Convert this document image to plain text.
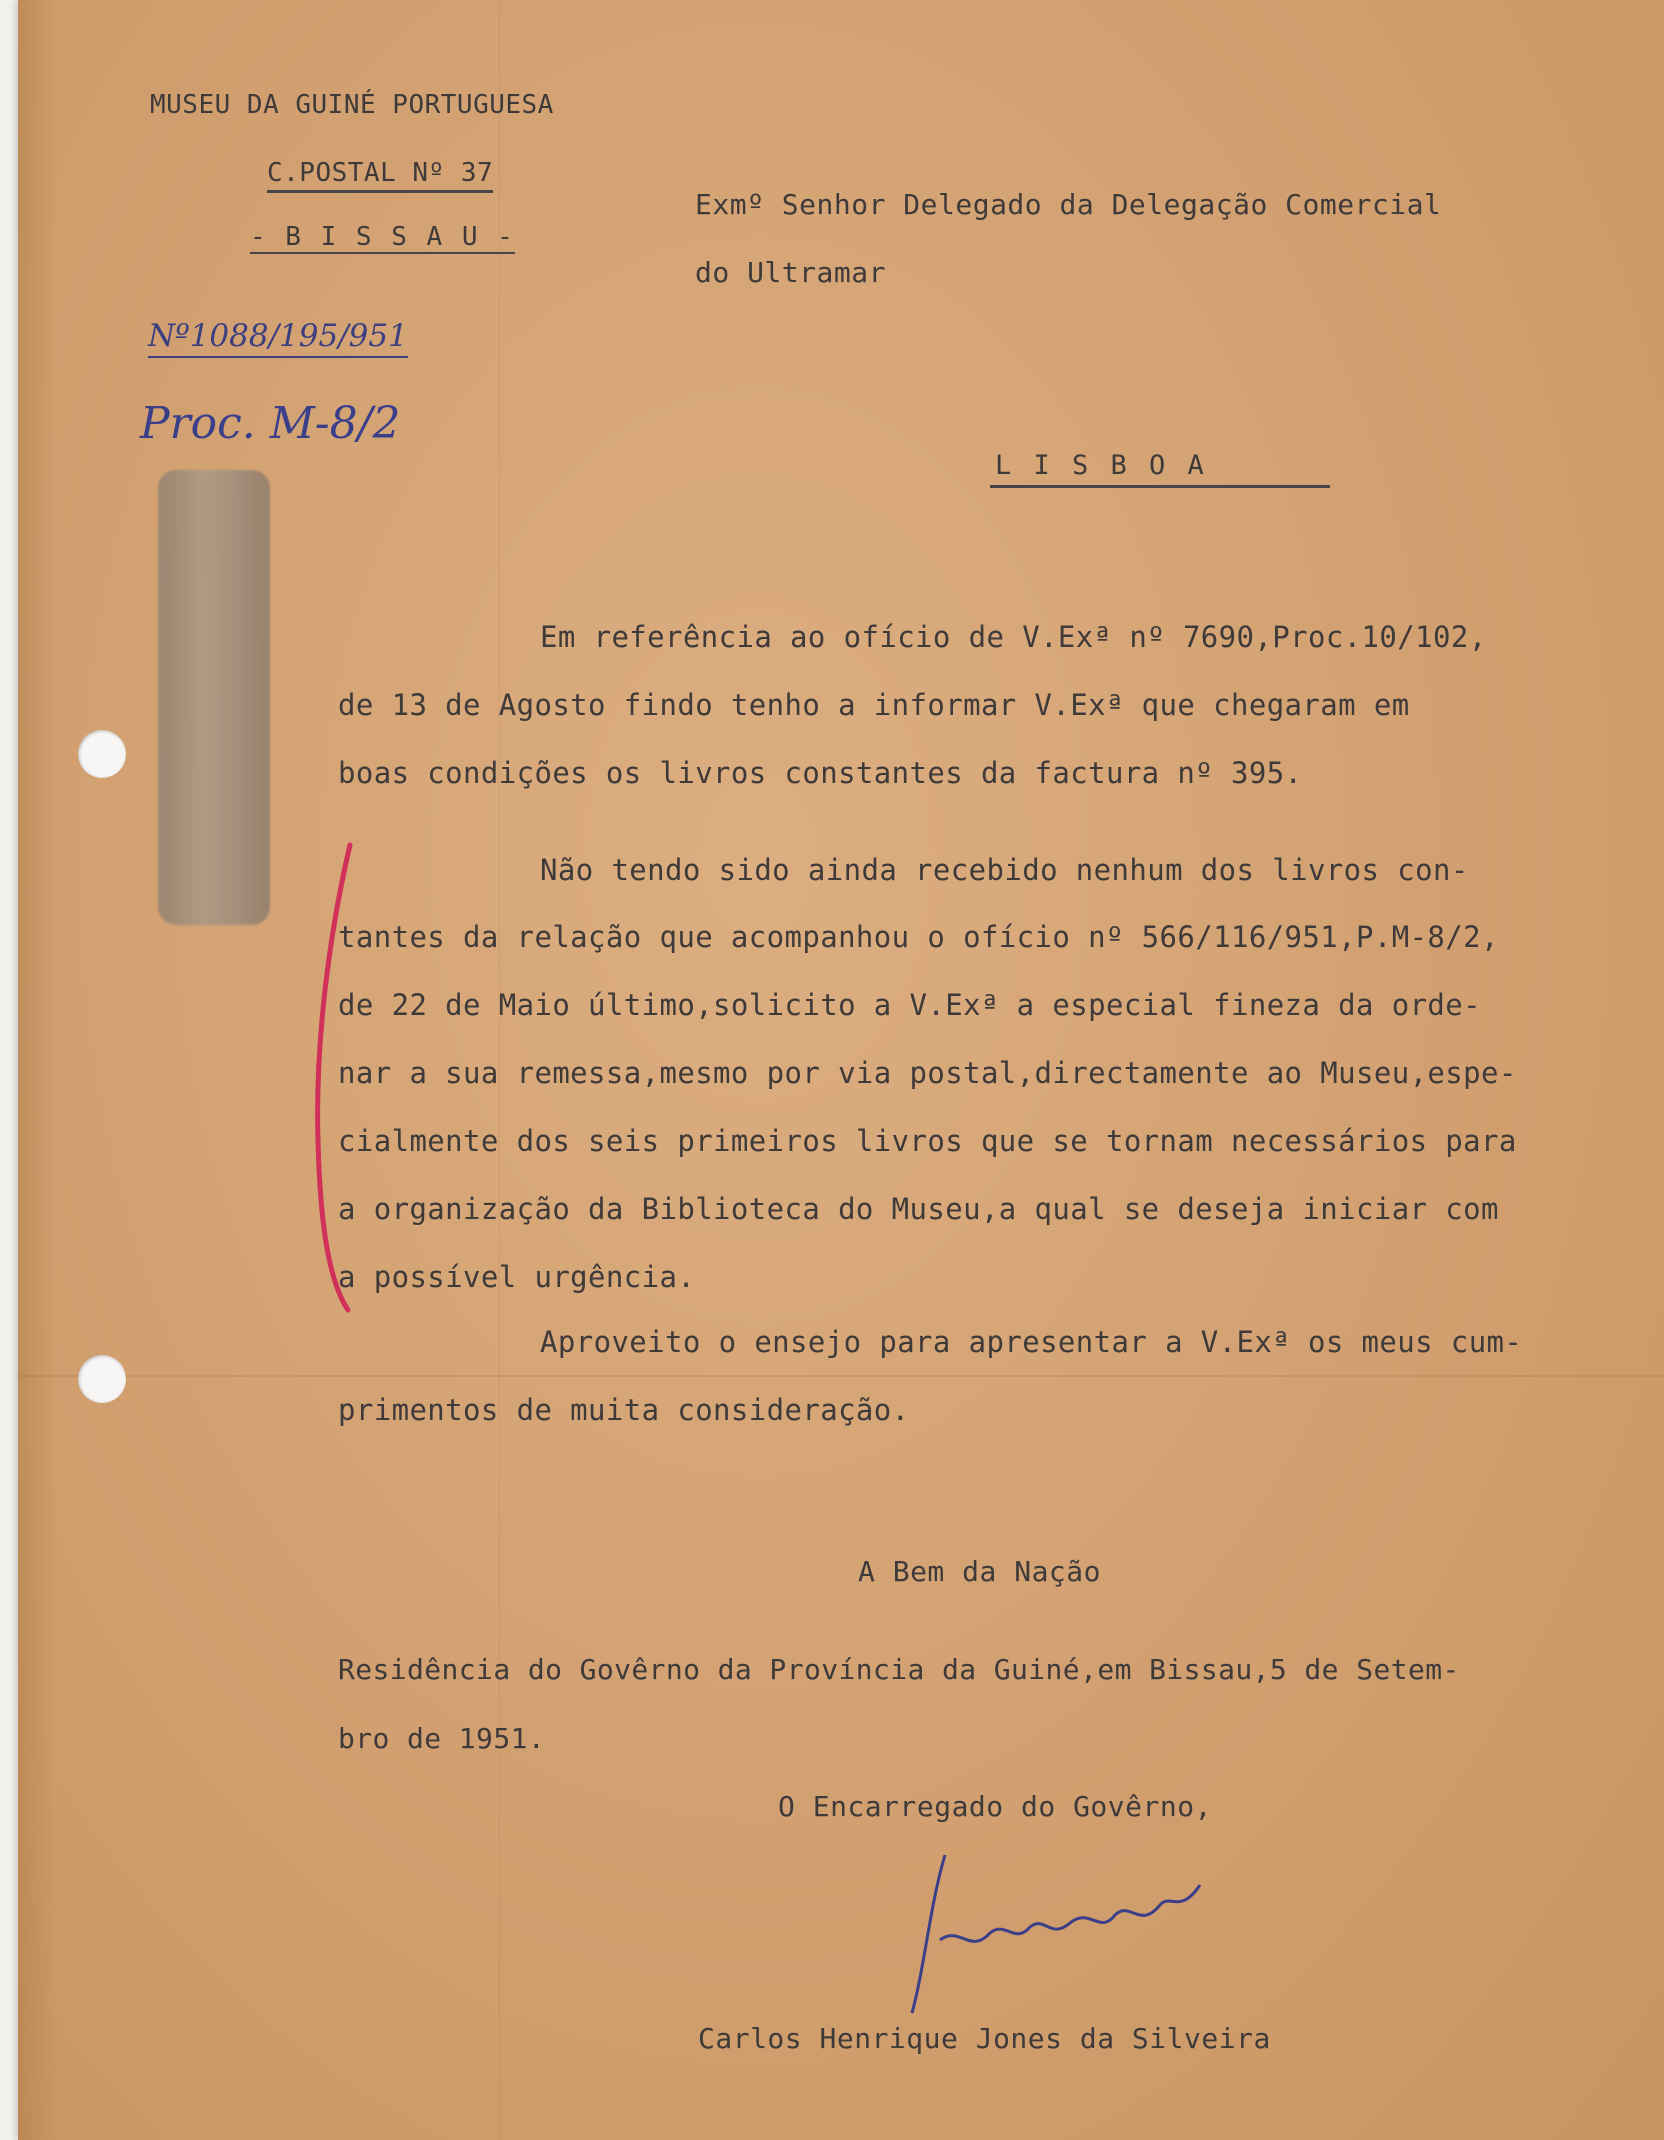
MUSEU DA GUINÉ PORTUGUESA
C.POSTAL Nº 37
- B I S S A U -
Nº1088/195/951
Proc. M-8/2
Exmº Senhor Delegado da Delegação Comercial
do Ultramar
L I S B O A
Em referência ao ofício de V.Exª nº 7690,Proc.10/102,
de 13 de Agosto findo tenho a informar V.Exª que chegaram em
boas condições os livros constantes da factura nº 395.
Não tendo sido ainda recebido nenhum dos livros con-
tantes da relação que acompanhou o ofício nº 566/116/951,P.M-8/2,
de 22 de Maio último,solicito a V.Exª a especial fineza da orde-
nar a sua remessa,mesmo por via postal,directamente ao Museu,espe-
cialmente dos seis primeiros livros que se tornam necessários para
a organização da Biblioteca do Museu,a qual se deseja iniciar com
a possível urgência.
Aproveito o ensejo para apresentar a V.Exª os meus cum-
primentos de muita consideração.
A Bem da Nação
Residência do Govêrno da Província da Guiné,em Bissau,5 de Setem-
bro de 1951.
O Encarregado do Govêrno,
Carlos Henrique Jones da Silveira
